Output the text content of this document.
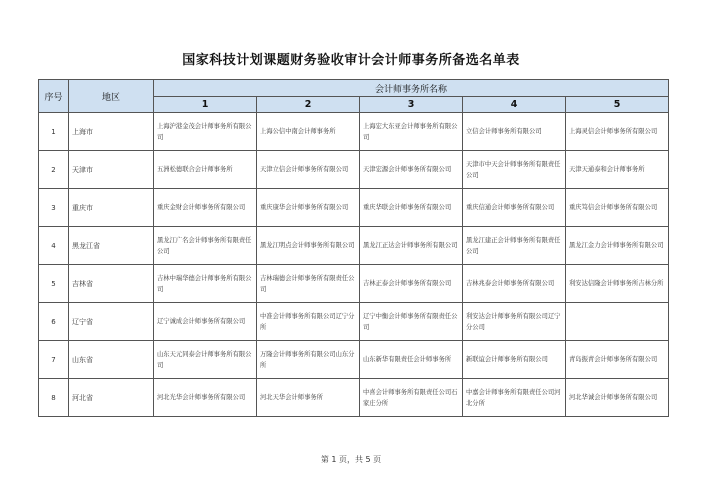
国家科技计划课题财务验收审计会计师事务所备选名单表
序号	地区	会计师事务所名称				
		1	2	3	4	5
1	上海市	上海沪港金茂会计师事务所有限公司	上海公信中南会计师事务所	上海宏大东亚会计师事务所有限公司	立信会计师事务所有限公司	上海灵信会计师事务所有限公司
2	天津市	五洲松德联合会计师事务所	天津立信会计师事务所有限公司	天津宏源会计师事务所有限公司	天津市中天会计师事务所有限责任公司	天津天通泰和会计师事务所
3	重庆市	重庆金财会计师事务所有限公司	重庆康华会计师事务所有限公司	重庆华联会计师事务所有限公司	重庆信通会计师事务所有限公司	重庆笃信会计师事务所有限公司
4	黑龙江省	黑龙江广名会计师事务所有限责任公司	黑龙江明点会计师事务所有限公司	黑龙江正达会计师事务所有限公司	黑龙江建正会计师事务所有限责任公司	黑龙江金力会计师事务所有限公司
5	吉林省	吉林中瑞华德会计师事务所有限公司	吉林瑞德会计师事务所有限责任公司	吉林正泰会计师事务所有限公司	吉林兆泰会计师事务所有限公司	利安达信隆会计师事务所吉林分所
6	辽宁省	辽宁诚成会计师事务所有限公司	中准会计师事务所有限公司辽宁分所	辽宁中衡会计师事务所有限责任公司	利安达会计师事务所有限公司辽宁分公司	
7	山东省	山东天元同泰会计师事务所有限公司	万隆会计师事务所有限公司山东分所	山东新华有限责任会计师事务所	新联谊会计师事务所有限公司	青岛振青会计师事务所有限公司
8	河北省	河北光华会计师事务所有限公司	河北天华会计师事务所	中喜会计师事务所有限责任公司石家庄分所	中嘉会计师事务所有限责任公司河北分所	河北华诚会计师事务所有限公司
第 1 页，共 5 页
